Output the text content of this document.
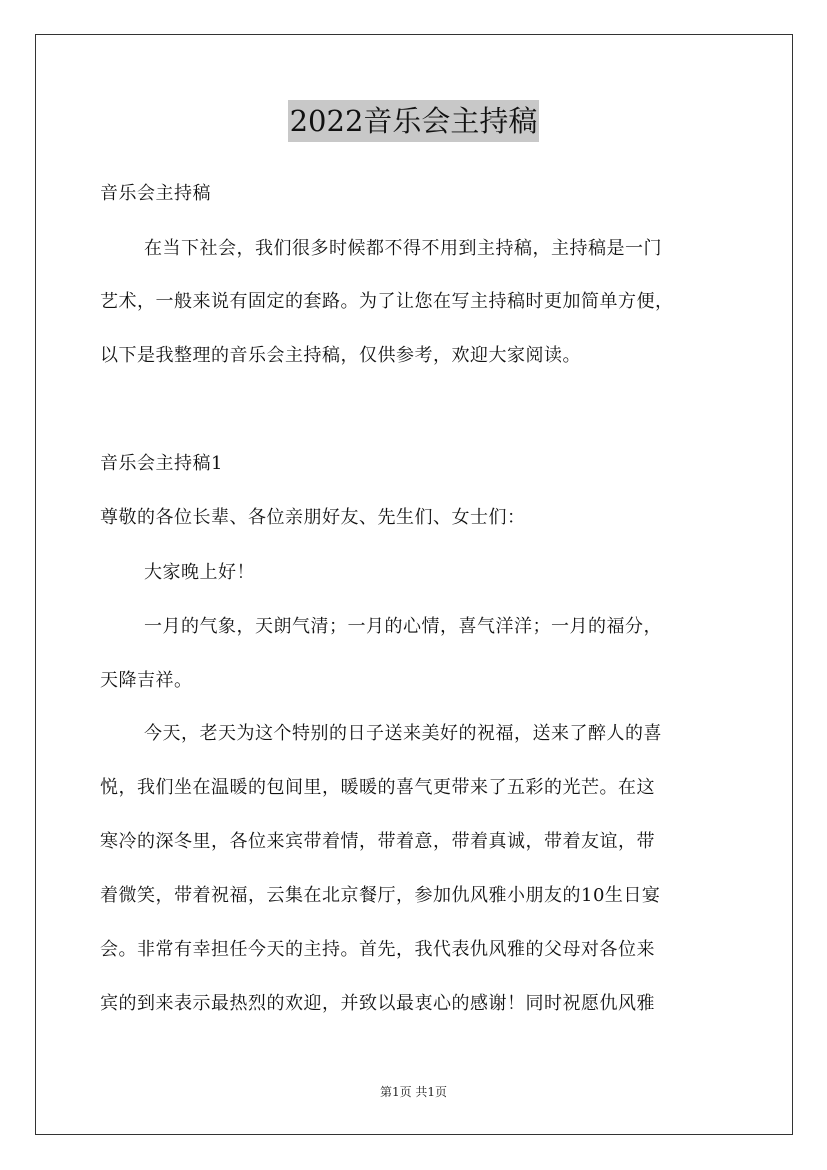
2022音乐会主持稿
音乐会主持稿
在当下社会，我们很多时候都不得不用到主持稿，主持稿是一门
艺术，一般来说有固定的套路。为了让您在写主持稿时更加简单方便，
以下是我整理的音乐会主持稿，仅供参考，欢迎大家阅读。
音乐会主持稿1
尊敬的各位长辈、各位亲朋好友、先生们、女士们：
大家晚上好！
一月的气象，天朗气清；一月的心情，喜气洋洋；一月的福分，
天降吉祥。
今天，老天为这个特别的日子送来美好的祝福，送来了醉人的喜
悦，我们坐在温暖的包间里，暖暖的喜气更带来了五彩的光芒。在这
寒冷的深冬里，各位来宾带着情，带着意，带着真诚，带着友谊，带
着微笑，带着祝福，云集在北京餐厅，参加仇风雅小朋友的10生日宴
会。非常有幸担任今天的主持。首先，我代表仇风雅的父母对各位来
宾的到来表示最热烈的欢迎，并致以最衷心的感谢！同时祝愿仇风雅
第1页 共1页
